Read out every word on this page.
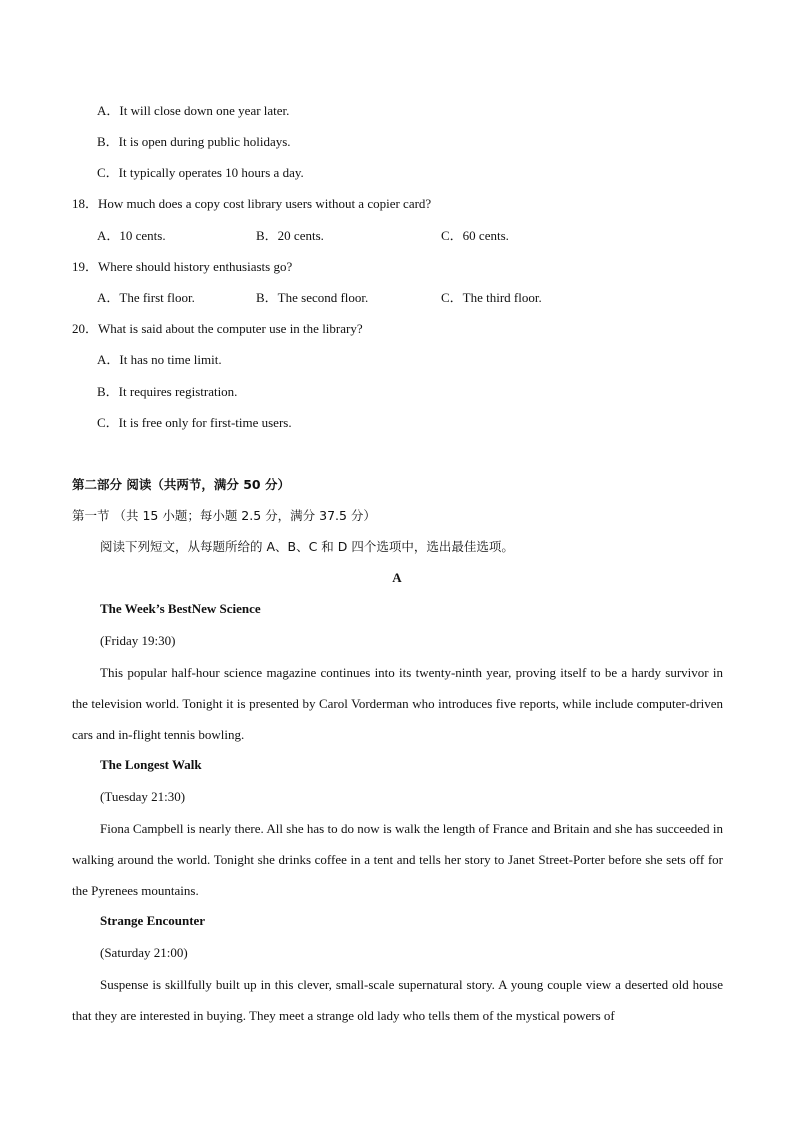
A．It will close down one year later.
B．It is open during public holidays.
C．It typically operates 10 hours a day.
18．How much does a copy cost library users without a copier card?
A．10 cents.	B．20 cents.	C．60 cents.
19．Where should history enthusiasts go?
A．The first floor.	B．The second floor.	C．The third floor.
20．What is said about the computer use in the library?
A．It has no time limit.
B．It requires registration.
C．It is free only for first-time users.
第二部分 阅读（共两节，满分 50 分）
第一节 （共 15 小题；每小题 2.5 分，满分 37.5 分）
阅读下列短文，从每题所给的 A、B、C 和 D 四个选项中，选出最佳选项。
A
The Week’s BestNew Science
(Friday 19:30)
This popular half-hour science magazine continues into its twenty-ninth year, proving itself to be a hardy survivor in the television world. Tonight it is presented by Carol Vorderman who introduces five reports, while include computer-driven cars and in-flight tennis bowling.
The Longest Walk
(Tuesday 21:30)
Fiona Campbell is nearly there. All she has to do now is walk the length of France and Britain and she has succeeded in walking around the world. Tonight she drinks coffee in a tent and tells her story to Janet Street-Porter before she sets off for the Pyrenees mountains.
Strange Encounter
(Saturday 21:00)
Suspense is skillfully built up in this clever, small-scale supernatural story. A young couple view a deserted old house that they are interested in buying. They meet a strange old lady who tells them of the mystical powers of
